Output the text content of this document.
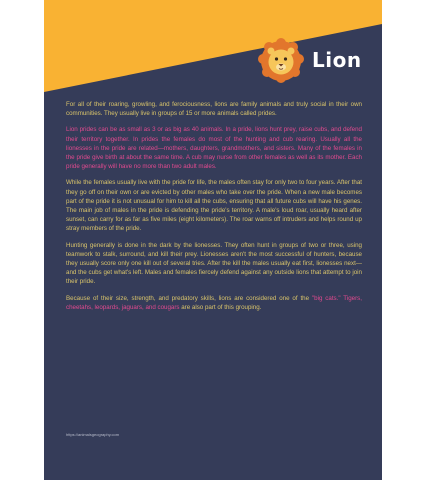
Lion

For all of their roaring, growling, and ferociousness, lions are family animals and truly social in their own communities. They usually live in groups of 15 or more animals called prides.

Lion prides can be as small as 3 or as big as 40 animals. In a pride, lions hunt prey, raise cubs, and defend their territory together. In prides the females do most of the hunting and cub rearing. Usually all the lionesses in the pride are related—mothers, daughters, grandmothers, and sisters. Many of the females in the pride give birth at about the same time. A cub may nurse from other females as well as its mother. Each pride generally will have no more than two adult males.

While the females usually live with the pride for life, the males often stay for only two to four years. After that they go off on their own or are evicted by other males who take over the pride. When a new male becomes part of the pride it is not unusual for him to kill all the cubs, ensuring that all future cubs will have his genes. The main job of males in the pride is defending the pride's territory. A male's loud roar, usually heard after sunset, can carry for as far as five miles (eight kilometers). The roar warns off intruders and helps round up stray members of the pride.

Hunting generally is done in the dark by the lionesses. They often hunt in groups of two or three, using teamwork to stalk, surround, and kill their prey. Lionesses aren't the most successful of hunters, because they usually score only one kill out of several tries. After the kill the males usually eat first, lionesses next—and the cubs get what's left. Males and females fiercely defend against any outside lions that attempt to join their pride.

Because of their size, strength, and predatory skills, lions are considered one of the "big cats." Tigers, cheetahs, leopards, jaguars, and cougars are also part of this grouping.

https://animalsgeography.com
